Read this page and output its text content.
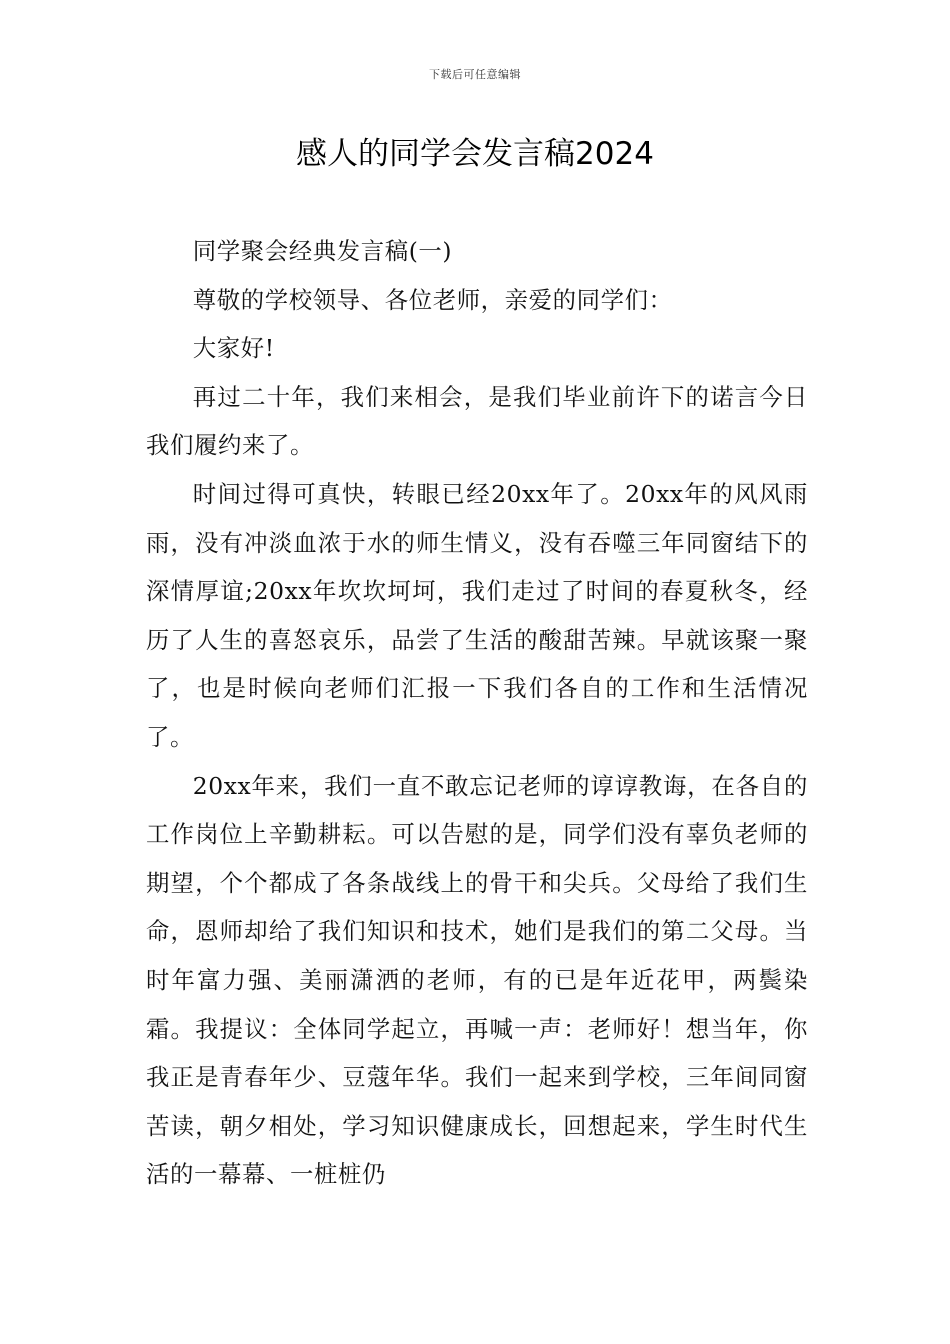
下载后可任意编辑
感人的同学会发言稿2024

同学聚会经典发言稿(一)

尊敬的学校领导、各位老师，亲爱的同学们：

大家好!

再过二十年，我们来相会，是我们毕业前许下的诺言今日我们履约来了。

时间过得可真快，转眼已经20xx年了。20xx年的风风雨雨，没有冲淡血浓于水的师生情义，没有吞噬三年同窗结下的深情厚谊;20xx年坎坎坷坷，我们走过了时间的春夏秋冬，经历了人生的喜怒哀乐，品尝了生活的酸甜苦辣。早就该聚一聚了，也是时候向老师们汇报一下我们各自的工作和生活情况了。

20xx年来，我们一直不敢忘记老师的谆谆教诲，在各自的工作岗位上辛勤耕耘。可以告慰的是，同学们没有辜负老师的期望，个个都成了各条战线上的骨干和尖兵。父母给了我们生命，恩师却给了我们知识和技术，她们是我们的第二父母。当时年富力强、美丽潇洒的老师，有的已是年近花甲，两鬓染霜。我提议：全体同学起立，再喊一声：老师好！想当年，你我正是青春年少、豆蔻年华。我们一起来到学校，三年间同窗苦读，朝夕相处，学习知识健康成长，回想起来，学生时代生活的一幕幕、一桩桩仍
